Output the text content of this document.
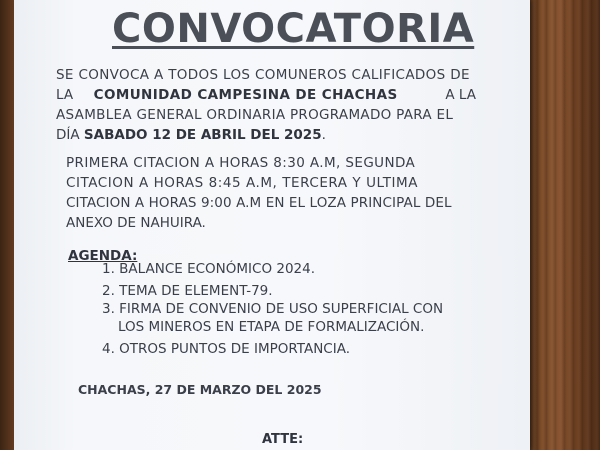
CONVOCATORIA
SE CONVOCA A TODOS LOS COMUNEROS CALIFICADOS DE
LA COMUNIDAD CAMPESINA DE CHACHAS	A LA
ASAMBLEA GENERAL ORDINARIA PROGRAMADO PARA EL
DÍA SABADO 12 DE ABRIL DEL 2025.
PRIMERA CITACION A HORAS 8:30 A.M, SEGUNDA
CITACION A HORAS 8:45 A.M, TERCERA Y ULTIMA
CITACION A HORAS 9:00 A.M EN EL LOZA PRINCIPAL DEL
ANEXO DE NAHUIRA.
AGENDA:
1. BALANCE ECONÓMICO 2024.
2. TEMA DE ELEMENT-79.
3. FIRMA DE CONVENIO DE USO SUPERFICIAL CON
LOS MINEROS EN ETAPA DE FORMALIZACIÓN.
4. OTROS PUNTOS DE IMPORTANCIA.
CHACHAS, 27 DE MARZO DEL 2025
ATTE:
